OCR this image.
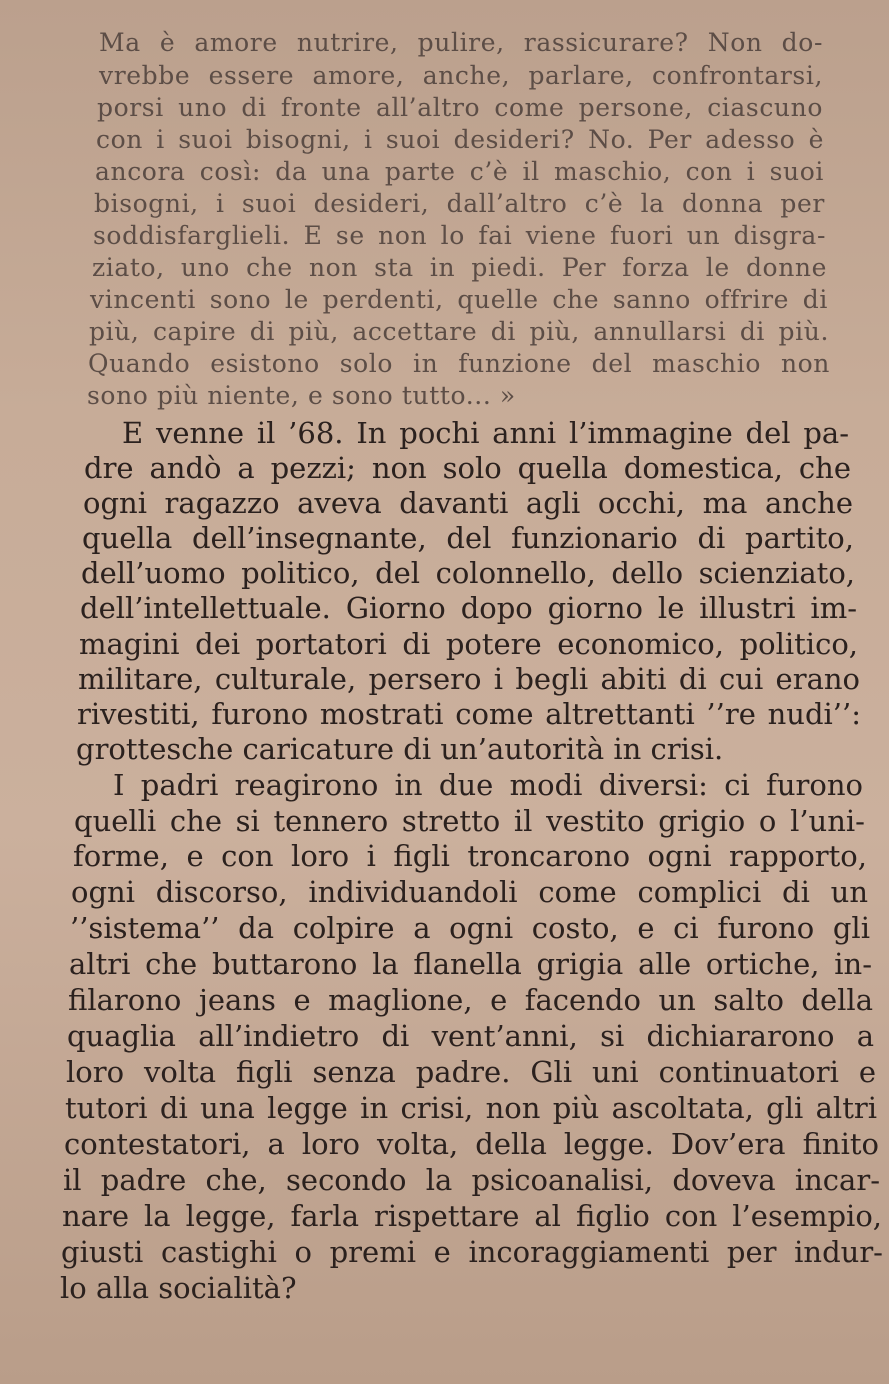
Ma è amore nutrire, pulire, rassicurare? Non do-

vrebbe essere amore, anche, parlare, confrontarsi,

porsi uno di fronte all’altro come persone, ciascuno

con i suoi bisogni, i suoi desideri? No. Per adesso è

ancora così: da una parte c’è il maschio, con i suoi

bisogni, i suoi desideri, dall’altro c’è la donna per

soddisfarglieli. E se non lo fai viene fuori un disgra-

ziato, uno che non sta in piedi. Per forza le donne

vincenti sono le perdenti, quelle che sanno offrire di

più, capire di più, accettare di più, annullarsi di più.

Quando esistono solo in funzione del maschio non

sono più niente, e sono tutto... »

E venne il ’68. In pochi anni l’immagine del pa-

dre andò a pezzi; non solo quella domestica, che

ogni ragazzo aveva davanti agli occhi, ma anche

quella dell’insegnante, del funzionario di partito,

dell’uomo politico, del colonnello, dello scienziato,

dell’intellettuale. Giorno dopo giorno le illustri im-

magini dei portatori di potere economico, politico,

militare, culturale, persero i begli abiti di cui erano

rivestiti, furono mostrati come altrettanti ’’re nudi’’:

grottesche caricature di un’autorità in crisi.

I padri reagirono in due modi diversi: ci furono

quelli che si tennero stretto il vestito grigio o l’uni-

forme, e con loro i figli troncarono ogni rapporto,

ogni discorso, individuandoli come complici di un

’’sistema’’ da colpire a ogni costo, e ci furono gli

altri che buttarono la flanella grigia alle ortiche, in-

filarono jeans e maglione, e facendo un salto della

quaglia all’indietro di vent’anni, si dichiararono a

loro volta figli senza padre. Gli uni continuatori e

tutori di una legge in crisi, non più ascoltata, gli altri

contestatori, a loro volta, della legge. Dov’era finito

il padre che, secondo la psicoanalisi, doveva incar-

nare la legge, farla rispettare al figlio con l’esempio,

giusti castighi o premi e incoraggiamenti per indur-

lo alla socialità?
